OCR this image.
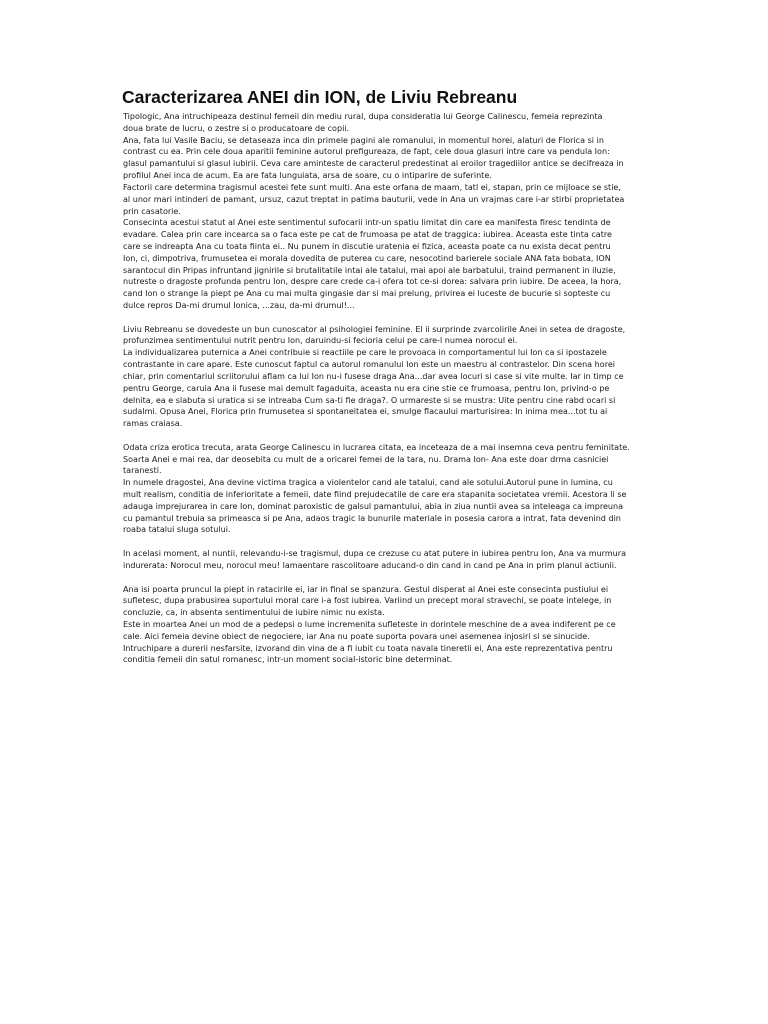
Caracterizarea ANEI din ION, de Liviu Rebreanu
Tipologic, Ana intruchipeaza destinul femeii din mediu rural, dupa consideratia lui George Calinescu, femeia reprezinta
doua brate de lucru, o zestre si o producatoare de copii.
Ana, fata lui Vasile Baciu, se detaseaza inca din primele pagini ale romanului, in momentul horei, alaturi de Florica si in
contrast cu ea. Prin cele doua aparitii feminine autorul prefigureaza, de fapt, cele doua glasuri intre care va pendula Ion:
glasul pamantului si glasul iubirii. Ceva care aminteste de caracterul predestinat al eroilor tragediilor antice se decifreaza in
profilul Anei inca de acum. Ea are fata lunguiata, arsa de soare, cu o intiparire de suferinte.
Factorii care determina tragismul acestei fete sunt multi. Ana este orfana de maam, tatl ei, stapan, prin ce mijloace se stie,
al unor mari intinderi de pamant, ursuz, cazut treptat in patima bauturii, vede in Ana un vrajmas care i-ar stirbi proprietatea
prin casatorie.
Consecinta acestui statut al Anei este sentimentul sufocarii intr-un spatiu limitat din care ea manifesta firesc tendinta de
evadare. Calea prin care incearca sa o faca este pe cat de frumoasa pe atat de traggica: iubirea. Aceasta este tinta catre
care se indreapta Ana cu toata fiinta ei.. Nu punem in discutie uratenia ei fizica, aceasta poate ca nu exista decat pentru
Ion, ci, dimpotriva, frumusetea ei morala dovedita de puterea cu care, nesocotind barierele sociale ANA fata bobata, ION
sarantocul din Pripas infruntand jignirile si brutalitatile intai ale tatalui, mai apoi ale barbatului, traind permanent in iluzie,
nutreste o dragoste profunda pentru Ion, despre care crede ca-i ofera tot ce-si dorea: salvara prin iubire. De aceea, la hora,
cand Ion o strange la piept pe Ana cu mai multa gingasie dar si mai prelung, privirea ei luceste de bucurie si sopteste cu
dulce repros Da-mi drumul Ionica, ...zau, da-mi drumul!...
Liviu Rebreanu se dovedeste un bun cunoscator al psihologiei feminine. El ii surprinde zvarcolirile Anei in setea de dragoste,
profunzimea sentimentului nutrit pentru Ion, daruindu-si fecioria celui pe care-l numea norocul ei.
La individualizarea puternica a Anei contribuie si reactiile pe care le provoaca in comportamentul lui Ion ca si ipostazele
contrastante in care apare. Este cunoscut faptul ca autorul romanului Ion este un maestru al contrastelor. Din scena horei
chiar, prin comentariul scriitorului aflam ca lui Ion nu-i fusese draga Ana...dar avea locuri si case si vite multe. Iar in timp ce
pentru George, caruia Ana ii fusese mai demult fagaduita, aceasta nu era cine stie ce frumoasa, pentru Ion, privind-o pe
delnita, ea e slabuta si uratica si se intreaba Cum sa-ti fie draga?. O urmareste si se mustra: Uite pentru cine rabd ocari si
sudalmi. Opusa Anei, Florica prin frumusetea si spontaneitatea ei, smulge flacaului marturisirea: In inima mea...tot tu ai
ramas craiasa.
Odata criza erotica trecuta, arata George Calinescu in lucrarea citata, ea inceteaza de a mai insemna ceva pentru feminitate.
Soarta Anei e mai rea, dar deosebita cu mult de a oricarei femei de la tara, nu. Drama Ion- Ana este doar drma casniciei
taranesti.
In numele dragostei, Ana devine victima tragica a violentelor cand ale tatalui, cand ale sotului.Autorul pune in lumina, cu
mult realism, conditia de inferioritate a femeii, date fiind prejudecatile de care era stapanita societatea vremii. Acestora li se
adauga imprejurarea in care Ion, dominat paroxistic de galsul pamantului, abia in ziua nuntii avea sa inteleaga ca impreuna
cu pamantul trebuia sa primeasca si pe Ana, adaos tragic la bunurile materiale in posesia carora a intrat, fata devenind din
roaba tatalui sluga sotului.
In acelasi moment, al nuntii, relevandu-i-se tragismul, dupa ce crezuse cu atat putere in iubirea pentru Ion, Ana va murmura
indurerata: Norocul meu, norocul meu! lamaentare rascolitoare aducand-o din cand in cand pe Ana in prim planul actiunii.
Ana isi poarta pruncul la piept in ratacirile ei, iar in final se spanzura. Gestul disperat al Anei este consecinta pustiului ei
sufletesc, dupa prabusirea suportului moral care i-a fost iubirea. Variind un precept moral stravechi, se poate intelege, in
concluzie, ca, in absenta sentimentului de iubire nimic nu exista.
Este in moartea Anei un mod de a pedepsi o lume incremenita sufleteste in dorintele meschine de a avea indiferent pe ce
cale. Aici femeia devine obiect de negociere, iar Ana nu poate suporta povara unei asemenea injosiri si se sinucide.
Intruchipare a durerii nesfarsite, izvorand din vina de a fi iubit cu toata navala tineretii ei, Ana este reprezentativa pentru
conditia femeii din satul romanesc, intr-un moment social-istoric bine determinat.
